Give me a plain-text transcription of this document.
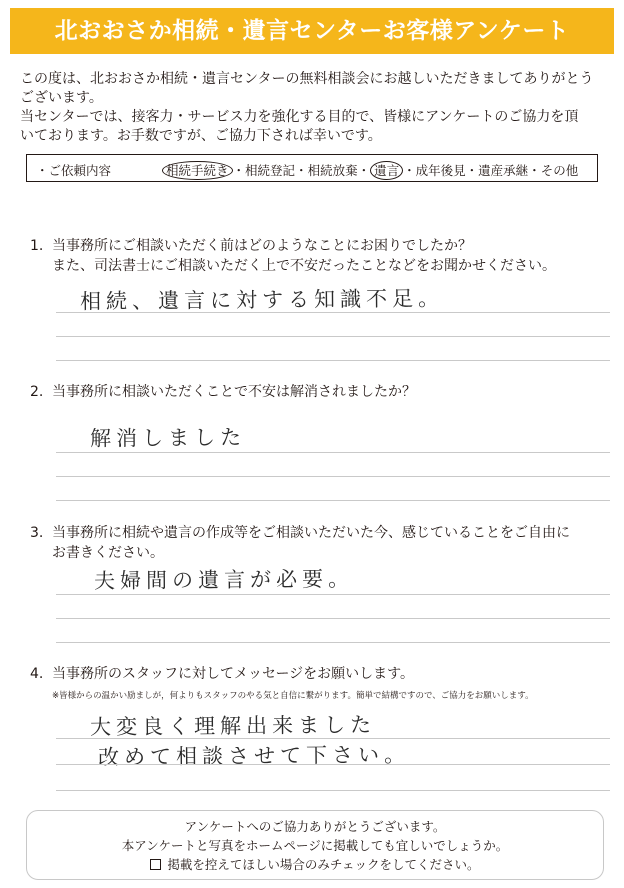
北おおさか相続・遺言センターお客様アンケート
この度は、北おおさか相続・遺言センターの無料相談会にお越しいただきましてありがとう
ございます。
当センターでは、接客力・サービス力を強化する目的で、皆様にアンケートのご協力を頂
いております。お手数ですが、ご協力下されば幸いです。
・ご依頼内容	相続手続き ・相続登記・相続放棄・ 遺言 ・成年後見・遺産承継・その他
1. 当事務所にご相談いただく前はどのようなことにお困りでしたか？
また、司法書士にご相談いただく上で不安だったことなどをお聞かせください。
相続、遺言に対する知識不足。
2. 当事務所に相談いただくことで不安は解消されましたか？
解消しました
3. 当事務所に相続や遺言の作成等をご相談いただいた今、感じていることをご自由に
お書きください。
夫婦間の遺言が必要。
4. 当事務所のスタッフに対してメッセージをお願いします。
※皆様からの温かい励ましが，何よりもスタッフのやる気と自信に繋がります。簡単で結構ですので、ご協力をお願いします。
大変良く理解出来ました
改めて相談させて下さい。
アンケートへのご協力ありがとうございます。
本アンケートと写真をホームページに掲載しても宜しいでしょうか。
掲載を控えてほしい場合のみチェックをしてください。
